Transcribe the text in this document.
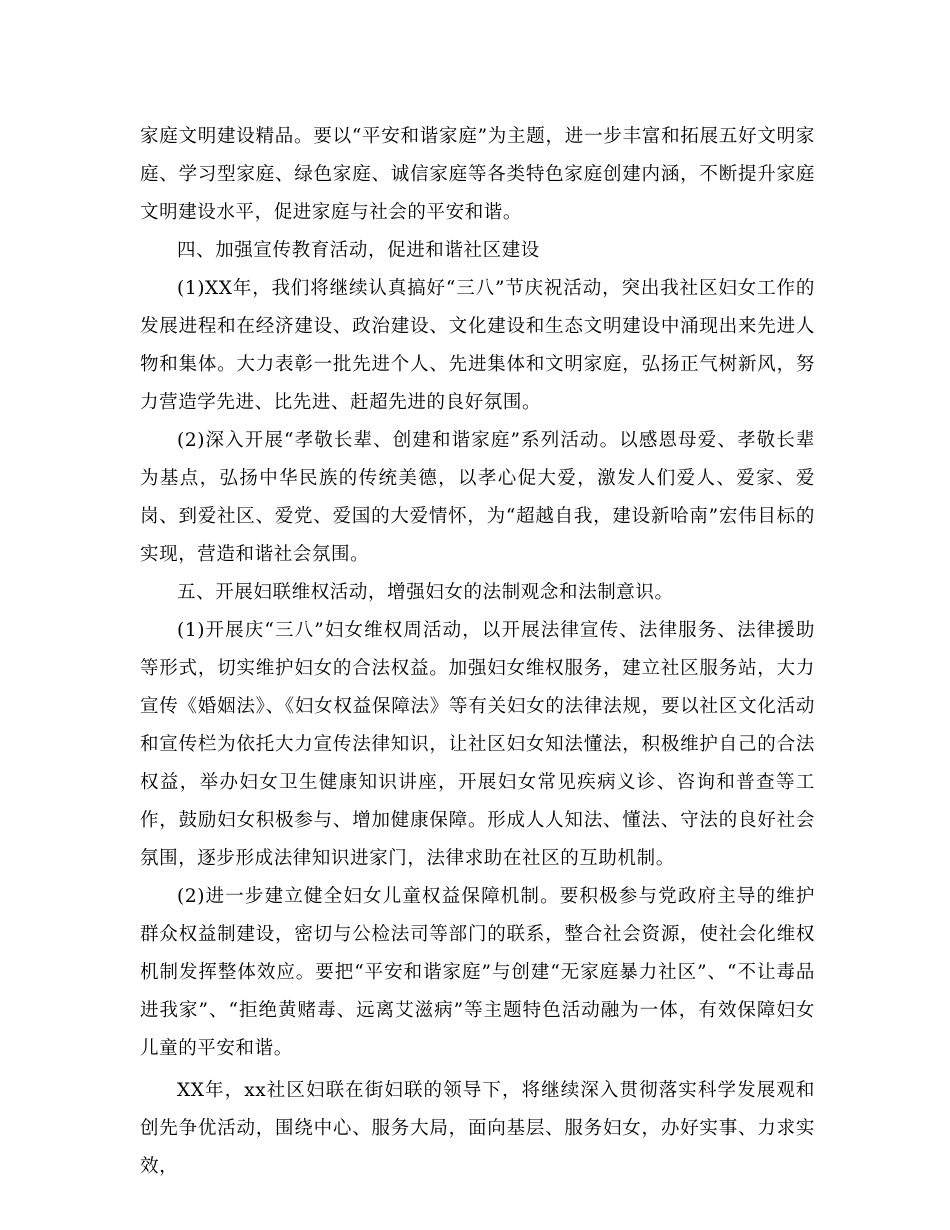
家庭文明建设精品。要以“平安和谐家庭”为主题，进一步丰富和拓展五好文明家庭、学习型家庭、绿色家庭、诚信家庭等各类特色家庭创建内涵，不断提升家庭文明建设水平，促进家庭与社会的平安和谐。

四、加强宣传教育活动，促进和谐社区建设

(1)XX年，我们将继续认真搞好“三八”节庆祝活动，突出我社区妇女工作的发展进程和在经济建设、政治建设、文化建设和生态文明建设中涌现出来先进人物和集体。大力表彰一批先进个人、先进集体和文明家庭，弘扬正气树新风，努力营造学先进、比先进、赶超先进的良好氛围。

(2)深入开展“孝敬长辈、创建和谐家庭”系列活动。以感恩母爱、孝敬长辈为基点，弘扬中华民族的传统美德，以孝心促大爱，激发人们爱人、爱家、爱岗、到爱社区、爱党、爱国的大爱情怀，为“超越自我，建设新哈南”宏伟目标的实现，营造和谐社会氛围。

五、开展妇联维权活动，增强妇女的法制观念和法制意识。

(1)开展庆“三八”妇女维权周活动，以开展法律宣传、法律服务、法律援助等形式，切实维护妇女的合法权益。加强妇女维权服务，建立社区服务站，大力宣传《婚姻法》、《妇女权益保障法》等有关妇女的法律法规，要以社区文化活动和宣传栏为依托大力宣传法律知识，让社区妇女知法懂法，积极维护自己的合法权益，举办妇女卫生健康知识讲座，开展妇女常见疾病义诊、咨询和普查等工作，鼓励妇女积极参与、增加健康保障。形成人人知法、懂法、守法的良好社会氛围，逐步形成法律知识进家门，法律求助在社区的互助机制。

(2)进一步建立健全妇女儿童权益保障机制。要积极参与党政府主导的维护群众权益制建设，密切与公检法司等部门的联系，整合社会资源，使社会化维权机制发挥整体效应。要把“平安和谐家庭”与创建“无家庭暴力社区”、“不让毒品进我家”、“拒绝黄赌毒、远离艾滋病”等主题特色活动融为一体，有效保障妇女儿童的平安和谐。

XX年，xx社区妇联在街妇联的领导下，将继续深入贯彻落实科学发展观和创先争优活动，围绕中心、服务大局，面向基层、服务妇女，办好实事、力求实效，
